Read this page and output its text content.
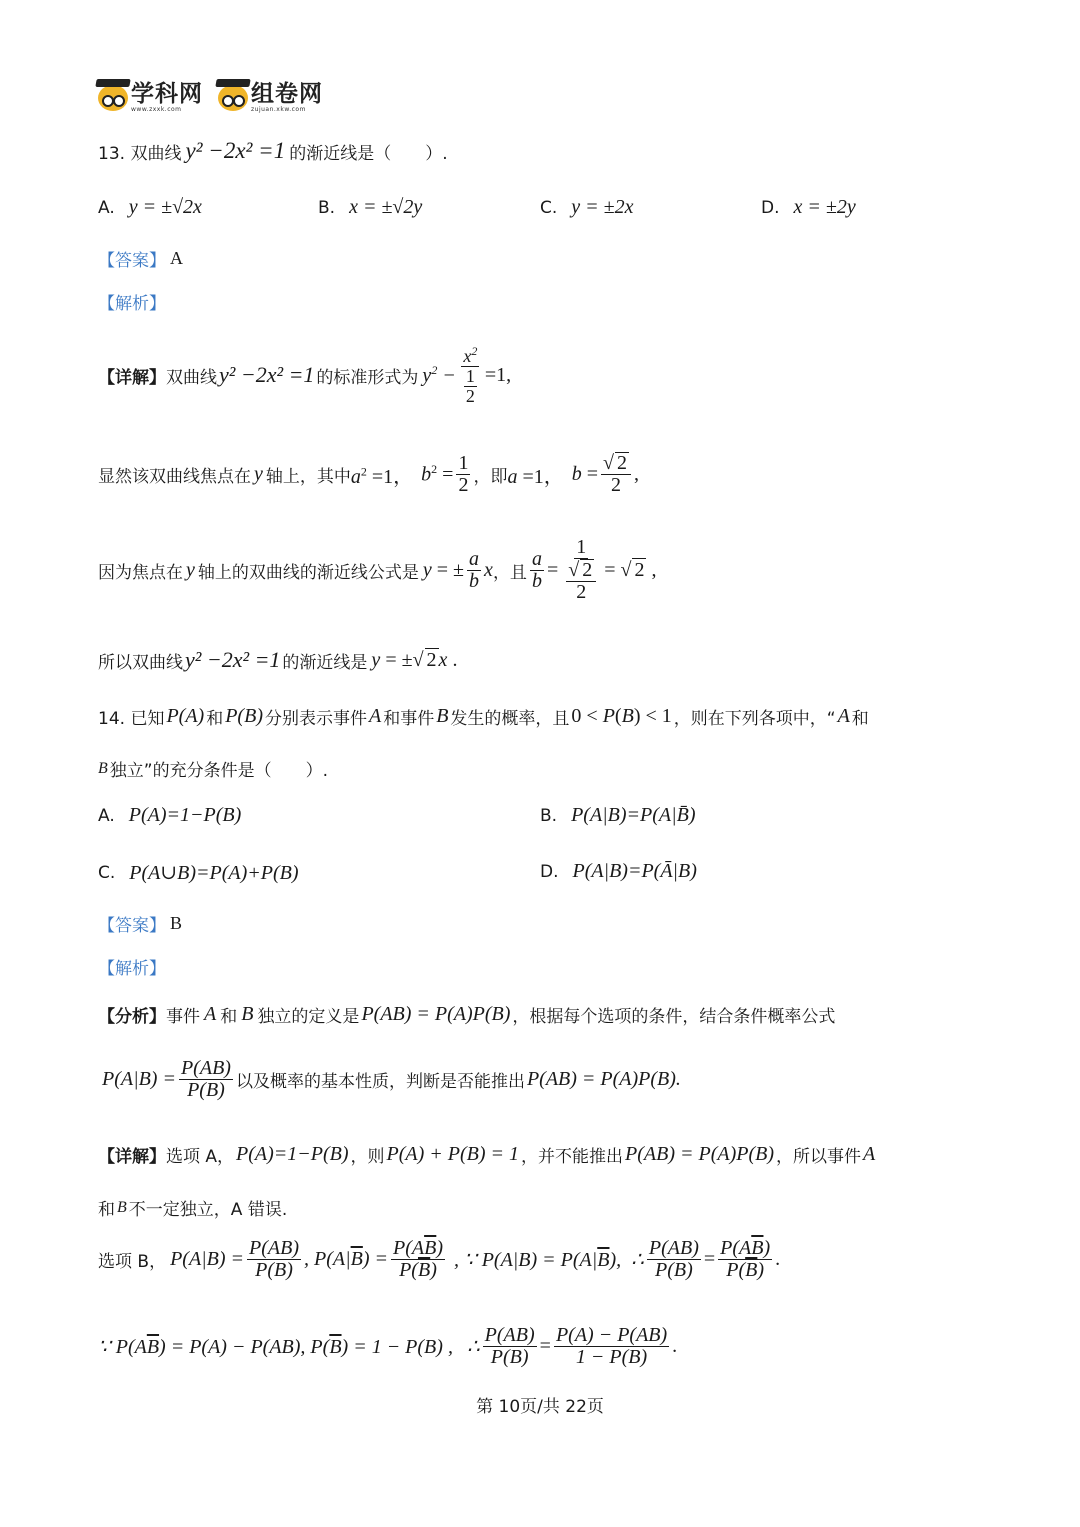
学科网
www.zxxk.com
组卷网
zujuan.xkw.com
13. 双曲线 y² −2x² =1 的渐近线是（　　）.
A. y = ±√2x	B. x = ±√2y	C. y = ±2x	D. x = ±2y
【答案】 A
【解析】
【详解】 双曲线 y² −2x² =1 的标准形式为 $y^2 - \frac{x^2}{\frac{1}{2}} =1$,
显然该双曲线焦点在 y 轴上，其中 $a^2 =1$， $b^2 = \frac{1}{2}$ ，即 a =1， $b = \frac{√ 2}{2}$ ,
因为焦点在 y 轴上的双曲线的渐近线公式是 y = ± $\frac{a}{b}$ x ，且 $\frac{a}{b} = \frac{1}{\frac{√ 2}{2}}$ = √ 2 ,
所以双曲线 y² −2x² =1 的渐近线是 y = ±√ 2 x .
14. 已知 P(A) 和 P(B) 分别表示事件 A 和事件 B 发生的概率，且 0 < P(B) < 1 ，则在下列各项中，“ A 和
B 独立”的充分条件是（　　）.
A. P(A)=1−P(B)	B. P(A|B)=P(A|B̄)
C. P(A∪B)=P(A)+P(B)	D. P(A|B)=P(Ā|B)
【答案】 B
【解析】
【分析】 事件 A 和 B 独立的定义是 P(AB) = P(A)P(B) ，根据每个选项的条件，结合条件概率公式
$P(A|B) = \frac{P(AB)}{P(B)}$ 以及概率的基本性质，判断是否能推出 P(AB) = P(A)P(B).
【详解】 选项 A， P(A)=1−P(B) ，则 P(A) + P(B) = 1 ，并不能推出 P(AB) = P(A)P(B) ，所以事件 A
和 B 不一定独立，A 错误.
选项 B， $P(A|B) = \frac{P(AB)}{P(B)}$ , $P(A|\overline{B}) = \frac{P(A\overline{B})}{P(\overline{B})}$ , ∵ $P(A|B) = P(A|\overline{B})$, ∴ $\frac{P(AB)}{P(B)} = \frac{P(A\overline{B})}{P(\overline{B})}$ .
∵ $P(A\overline{B}) = P(A) - P(AB)$, $P(\overline{B}) = 1 - P(B)$ , ∴ $\frac{P(AB)}{P(B)} = \frac{P(A) - P(AB)}{1 - P(B)}$ .
第 10页/共 22页
